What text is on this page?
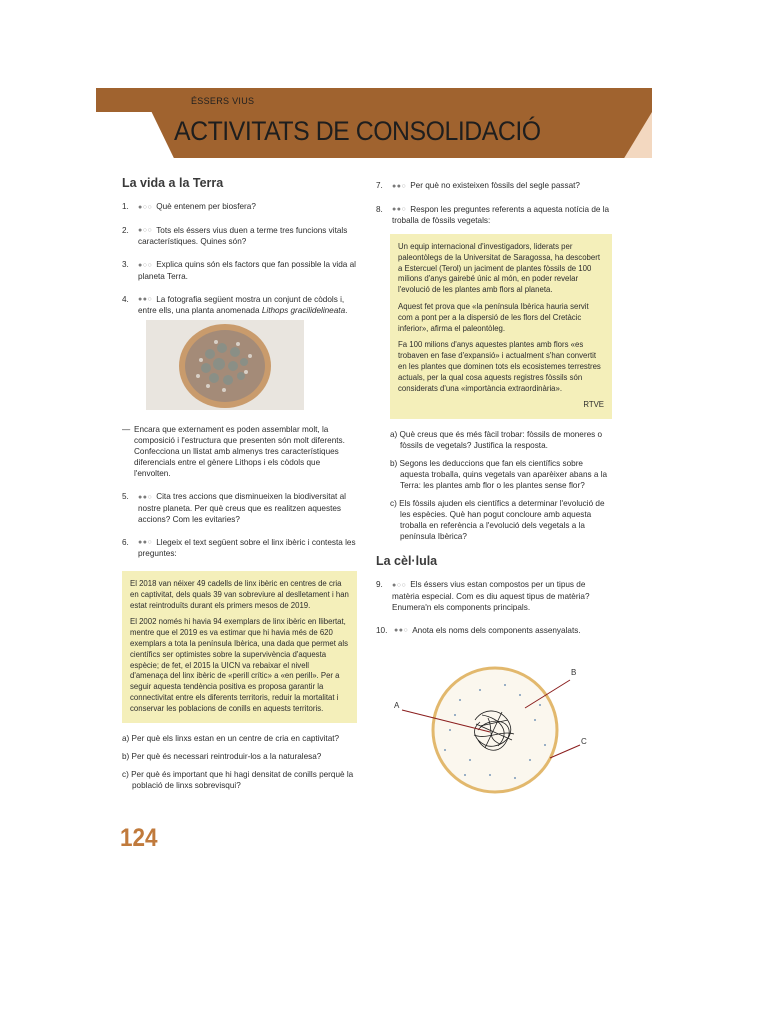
ÉSSERS VIUS
ACTIVITATS DE CONSOLIDACIÓ
La vida a la Terra
1. ●○○ Què entenem per biosfera?
2. ●○○ Tots els éssers vius duen a terme tres funcions vitals característiques. Quines són?
3. ●○○ Explica quins són els factors que fan possible la vida al planeta Terra.
4. ●●○ La fotografia següent mostra un conjunt de còdols i, entre ells, una planta anomenada Lithops gracilidelineata.
— Encara que externament es poden assemblar molt, la composició i l'estructura que presenten són molt diferents. Confecciona un llistat amb almenys tres característiques diferencials entre el gènere Lithops i els còdols que l'envolten.
5. ●●○ Cita tres accions que disminueixen la biodiversitat al nostre planeta. Per què creus que es realitzen aquestes accions? Com les evitaries?
6. ●●○ Llegeix el text següent sobre el linx ibèric i contesta les preguntes:

El 2018 van néixer 49 cadells de linx ibèric en centres de cria en captivitat, dels quals 39 van sobreviure al deslletament i han estat reintroduïts durant els primers mesos de 2019.

El 2002 només hi havia 94 exemplars de linx ibèric en llibertat, mentre que el 2019 es va estimar que hi havia més de 620 exemplars a tota la península Ibèrica, una dada que permet als científics ser optimistes sobre la supervivència d'aquesta espècie; de fet, el 2015 la UICN va rebaixar el nivell d'amenaça del linx ibèric de «perill crític» a «en perill». Per a seguir aquesta tendència positiva es proposa garantir la connectivitat entre els diferents territoris, reduir la mortalitat i conservar les poblacions de conills en aquests territoris.

a) Per què els linxs estan en un centre de cria en captivitat?

b) Per què és necessari reintroduir-los a la naturalesa?

c) Per què és important que hi hagi densitat de conills perquè la població de linxs sobrevisqui?

7. ●●○ Per què no existeixen fòssils del segle passat?
8. ●●○ Respon les preguntes referents a aquesta notícia de la troballa de fòssils vegetals:

Un equip internacional d'investigadors, liderats per paleontòlegs de la Universitat de Saragossa, ha descobert a Estercuel (Terol) un jaciment de plantes fòssils de 100 milions d'anys gairebé únic al món, en poder revelar l'evolució de les plantes amb flors al planeta.

Aquest fet prova que «la península Ibèrica hauria servit com a pont per a la dispersió de les flors del Cretàcic inferior», afirma el paleontòleg.

Fa 100 milions d'anys aquestes plantes amb flors «es trobaven en fase d'expansió» i actualment s'han convertit en les plantes que dominen tots els ecosistemes terrestres actuals, per la qual cosa aquests registres fòssils són considerats d'una «importància extraordinària».

RTVE

a) Què creus que és més fàcil trobar: fòssils de moneres o fòssils de vegetals? Justifica la resposta.

b) Segons les deduccions que fan els científics sobre aquesta troballa, quins vegetals van aparèixer abans a la Terra: les plantes amb flor o les plantes sense flor?

c) Els fòssils ajuden els científics a determinar l'evolució de les espècies. Què han pogut concloure amb aquesta troballa en referència a l'evolució dels vegetals a la península Ibèrica?

La cèl·lula
9. ●○○ Els éssers vius estan compostos per un tipus de matèria especial. Com es diu aquest tipus de matèria? Enumera'n els components principals.
10. ●●○ Anota els noms dels components assenyalats.
A
B
C
124
